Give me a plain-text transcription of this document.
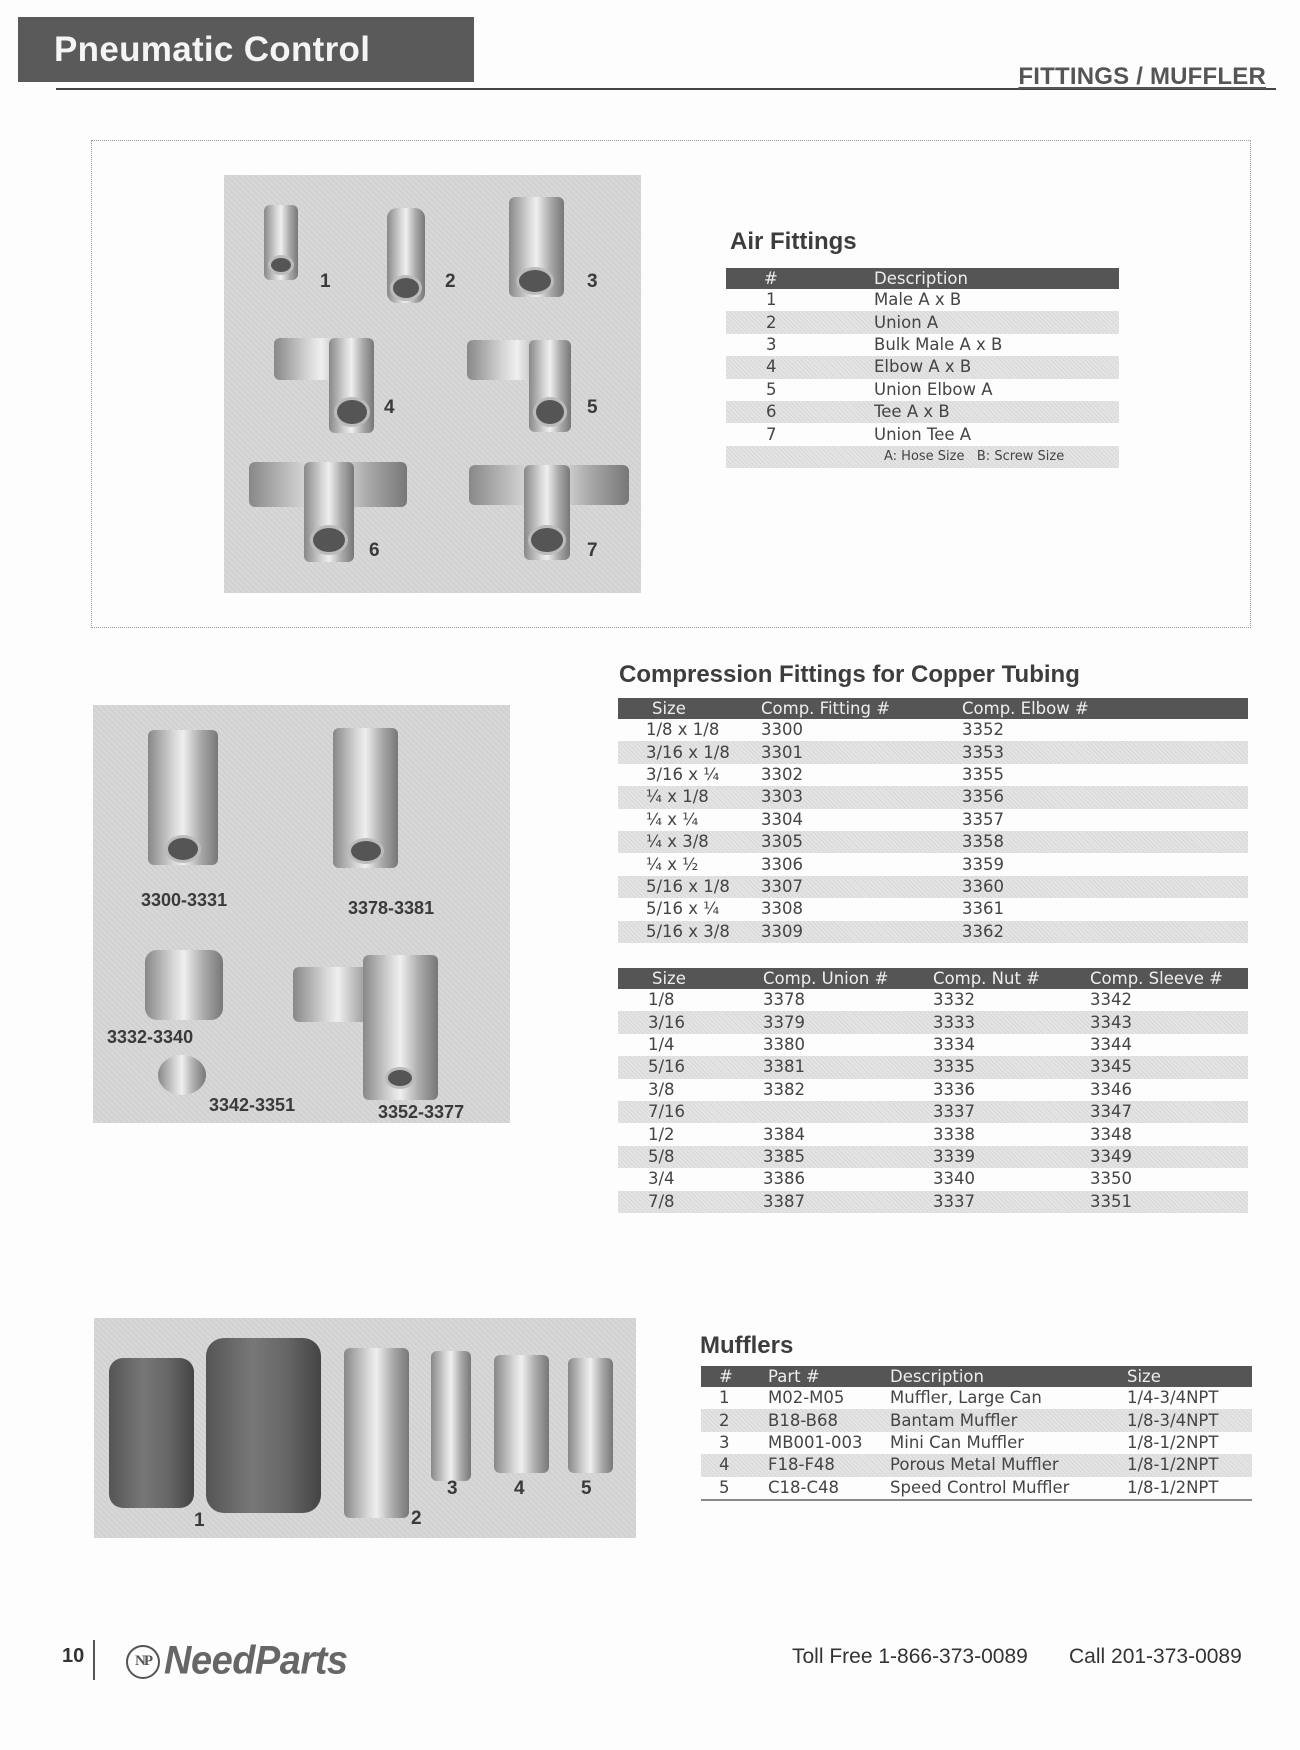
Pneumatic Control
FITTINGS / MUFFLER
1	2	3
4	5
6	7
Air Fittings
#	Description
1	Male A x B
2	Union A
3	Bulk Male A x B
4	Elbow A x B
5	Union Elbow A
6	Tee A x B
7	Union Tee A
	A: Hose Size   B: Screw Size
3300-3331	3378-3381
3332-3340
3342-3351	3352-3377
Compression Fittings for Copper Tubing
Size	Comp. Fitting #	Comp. Elbow #
1/8 x 1/8	3300	3352
3/16 x 1/8	3301	3353
3/16 x ¼	3302	3355
¼ x 1/8	3303	3356
¼ x ¼	3304	3357
¼ x 3/8	3305	3358
¼ x ½	3306	3359
5/16 x 1/8	3307	3360
5/16 x ¼	3308	3361
5/16 x 3/8	3309	3362
Size	Comp. Union #	Comp. Nut #	Comp. Sleeve #
1/8	3378	3332	3342
3/16	3379	3333	3343
1/4	3380	3334	3344
5/16	3381	3335	3345
3/8	3382	3336	3346
7/16		3337	3347
1/2	3384	3338	3348
5/8	3385	3339	3349
3/4	3386	3340	3350
7/8	3387	3337	3351
1	2
3	4	5
Mufflers
#	Part #	Description	Size
1	M02-M05	Muffler, Large Can	1/4-3/4NPT
2	B18-B68	Bantam Muffler	1/8-3/4NPT
3	MB001-003	Mini Can Muffler	1/8-1/2NPT
4	F18-F48	Porous Metal Muffler	1/8-1/2NPT
5	C18-C48	Speed Control Muffler	1/8-1/2NPT
10	NP NeedParts	Toll Free 1-866-373-0089 Call 201-373-0089
